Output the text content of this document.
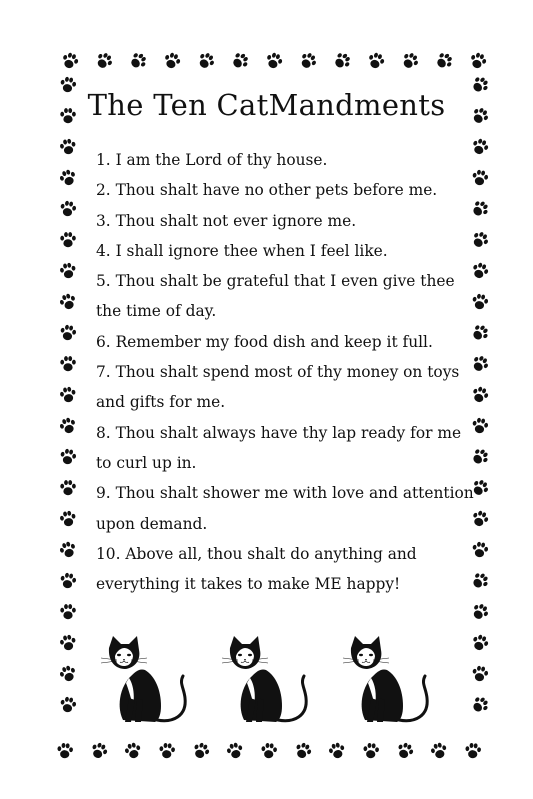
The Ten CatMandments
1. I am the Lord of thy house.
2. Thou shalt have no other pets before me.
3. Thou shalt not ever ignore me.
4. I shall ignore thee when I feel like.
5. Thou shalt be grateful that I even give thee
the time of day.
6. Remember my food dish and keep it full.
7. Thou shalt spend most of thy money on toys
and gifts for me.
8. Thou shalt always have thy lap ready for me
to curl up in.
9. Thou shalt shower me with love and attention
upon demand.
10. Above all, thou shalt do anything and
everything it takes to make ME happy!
